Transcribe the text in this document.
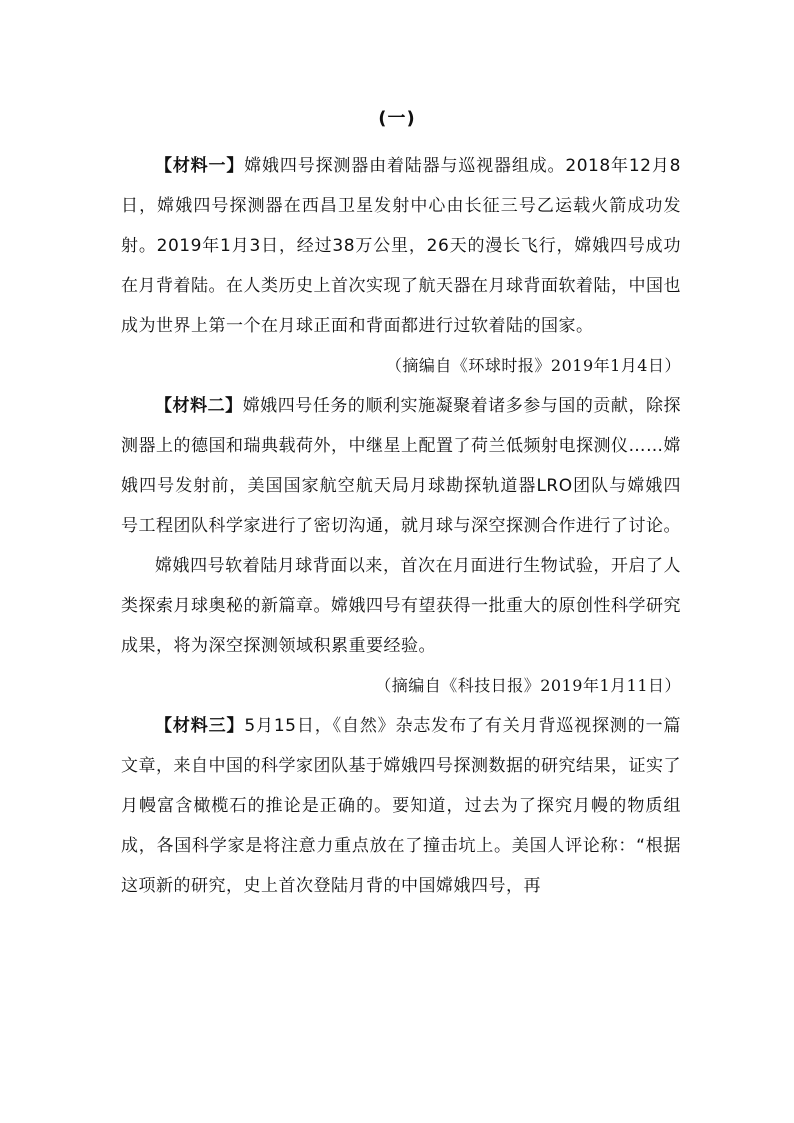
(一)

【材料一】嫦娥四号探测器由着陆器与巡视器组成。2018年12月8日，嫦娥四号探测器在西昌卫星发射中心由长征三号乙运载火箭成功发射。2019年1月3日，经过38万公里，26天的漫长飞行，嫦娥四号成功在月背着陆。在人类历史上首次实现了航天器在月球背面软着陆，中国也成为世界上第一个在月球正面和背面都进行过软着陆的国家。

（摘编自《环球时报》2019年1月4日）

【材料二】嫦娥四号任务的顺利实施凝聚着诸多参与国的贡献，除探测器上的德国和瑞典载荷外，中继星上配置了荷兰低频射电探测仪……嫦娥四号发射前，美国国家航空航天局月球勘探轨道器LRO团队与嫦娥四号工程团队科学家进行了密切沟通，就月球与深空探测合作进行了讨论。

嫦娥四号软着陆月球背面以来，首次在月面进行生物试验，开启了人类探索月球奥秘的新篇章。嫦娥四号有望获得一批重大的原创性科学研究成果，将为深空探测领域积累重要经验。

（摘编自《科技日报》2019年1月11日）

【材料三】5月15日，《自然》杂志发布了有关月背巡视探测的一篇文章，来自中国的科学家团队基于嫦娥四号探测数据的研究结果，证实了月幔富含橄榄石的推论是正确的。要知道，过去为了探究月幔的物质组成，各国科学家是将注意力重点放在了撞击坑上。美国人评论称：“根据这项新的研究，史上首次登陆月背的中国嫦娥四号，再
